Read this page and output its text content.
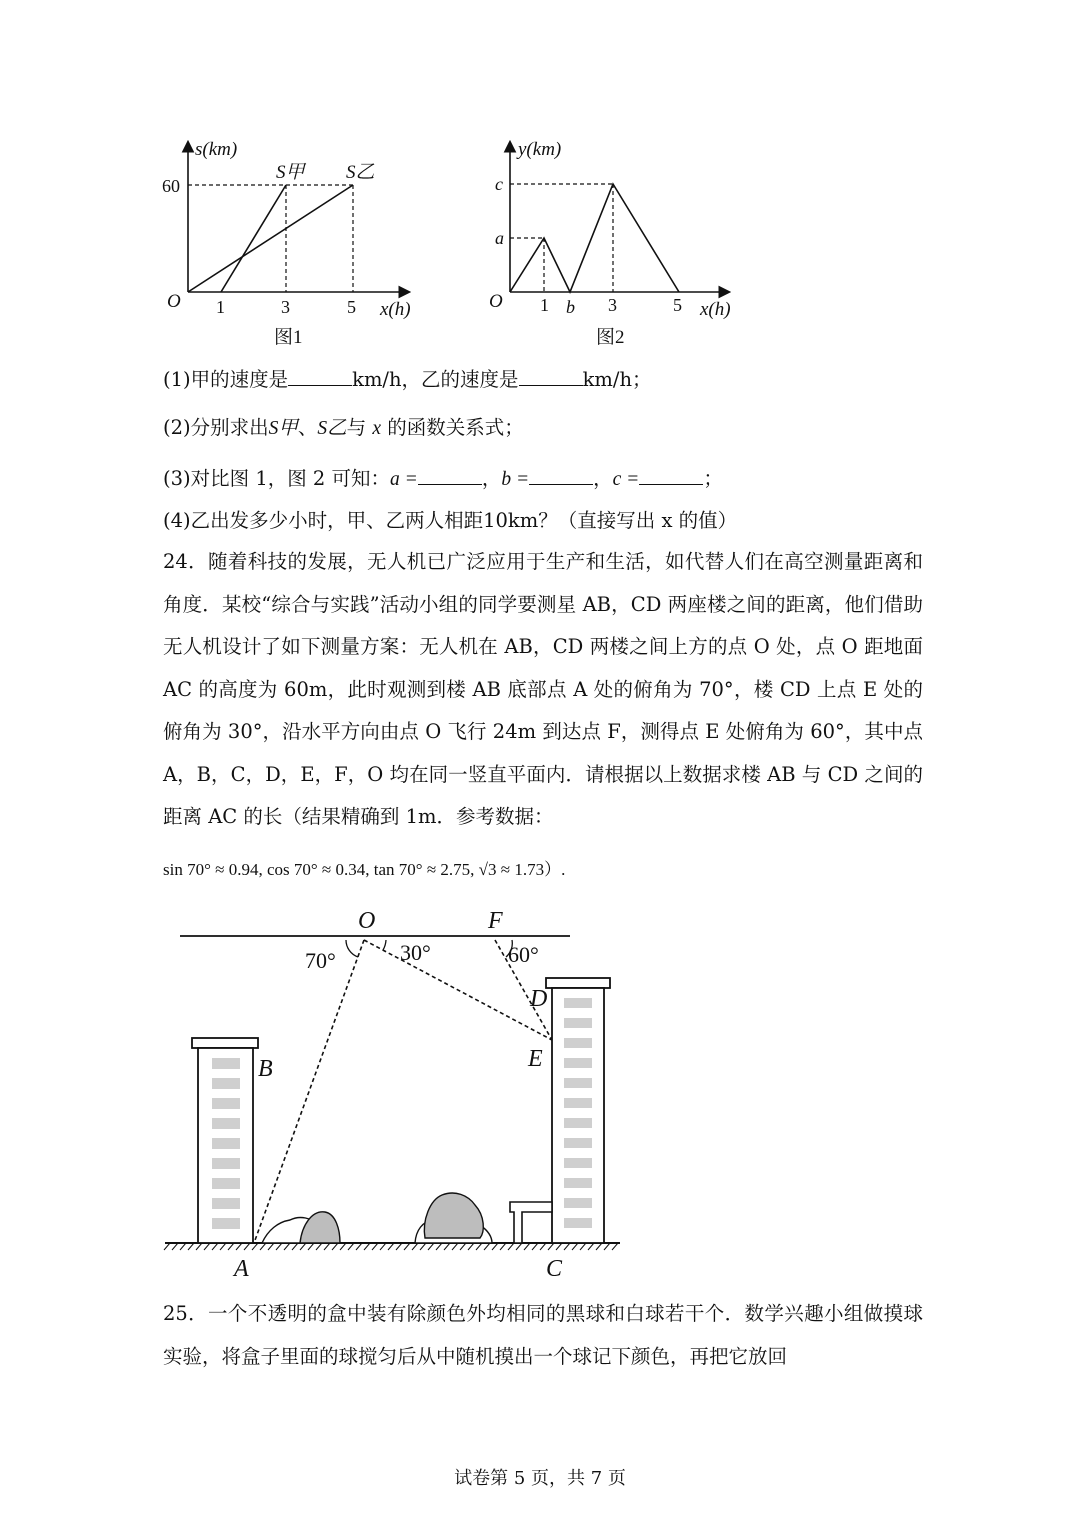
s(km)
x(h)
O
60
1	3	5
S甲 S乙
图1
y(km)
x(h)
O
c
a
1 b 3	5
图2
(1)甲的速度是	km/h，乙的速度是	km/h；
(2)分别求出S甲、S乙与 x 的函数关系式；
(3)对比图 1，图 2 可知：a =	，b =	，c =	；
(4)乙出发多少小时，甲、乙两人相距10km？（直接写出 x 的值）
24．随着科技的发展，无人机已广泛应用于生产和生活，如代替人们在高空测量距离和角度．某校“综合与实践”活动小组的同学要测星 AB，CD 两座楼之间的距离，他们借助无人机设计了如下测量方案：无人机在 AB，CD 两楼之间上方的点 O 处，点 O 距地面 AC 的高度为 60m，此时观测到楼 AB 底部点 A 处的俯角为 70°，楼 CD 上点 E 处的俯角为 30°，沿水平方向由点 O 飞行 24m 到达点 F，测得点 E 处俯角为 60°，其中点 A，B，C，D，E，F，O 均在同一竖直平面内．请根据以上数据求楼 AB 与 CD 之间的距离 AC 的长（结果精确到 1m．参考数据：
sin 70° ≈ 0.94, cos 70° ≈ 0.34, tan 70° ≈ 2.75, √3 ≈ 1.73）.
O	F
D
E
B
A	C
70°	30°	60°
25．一个不透明的盒中装有除颜色外均相同的黑球和白球若干个．数学兴趣小组做摸球实验，将盒子里面的球搅匀后从中随机摸出一个球记下颜色，再把它放回
试卷第 5 页，共 7 页
